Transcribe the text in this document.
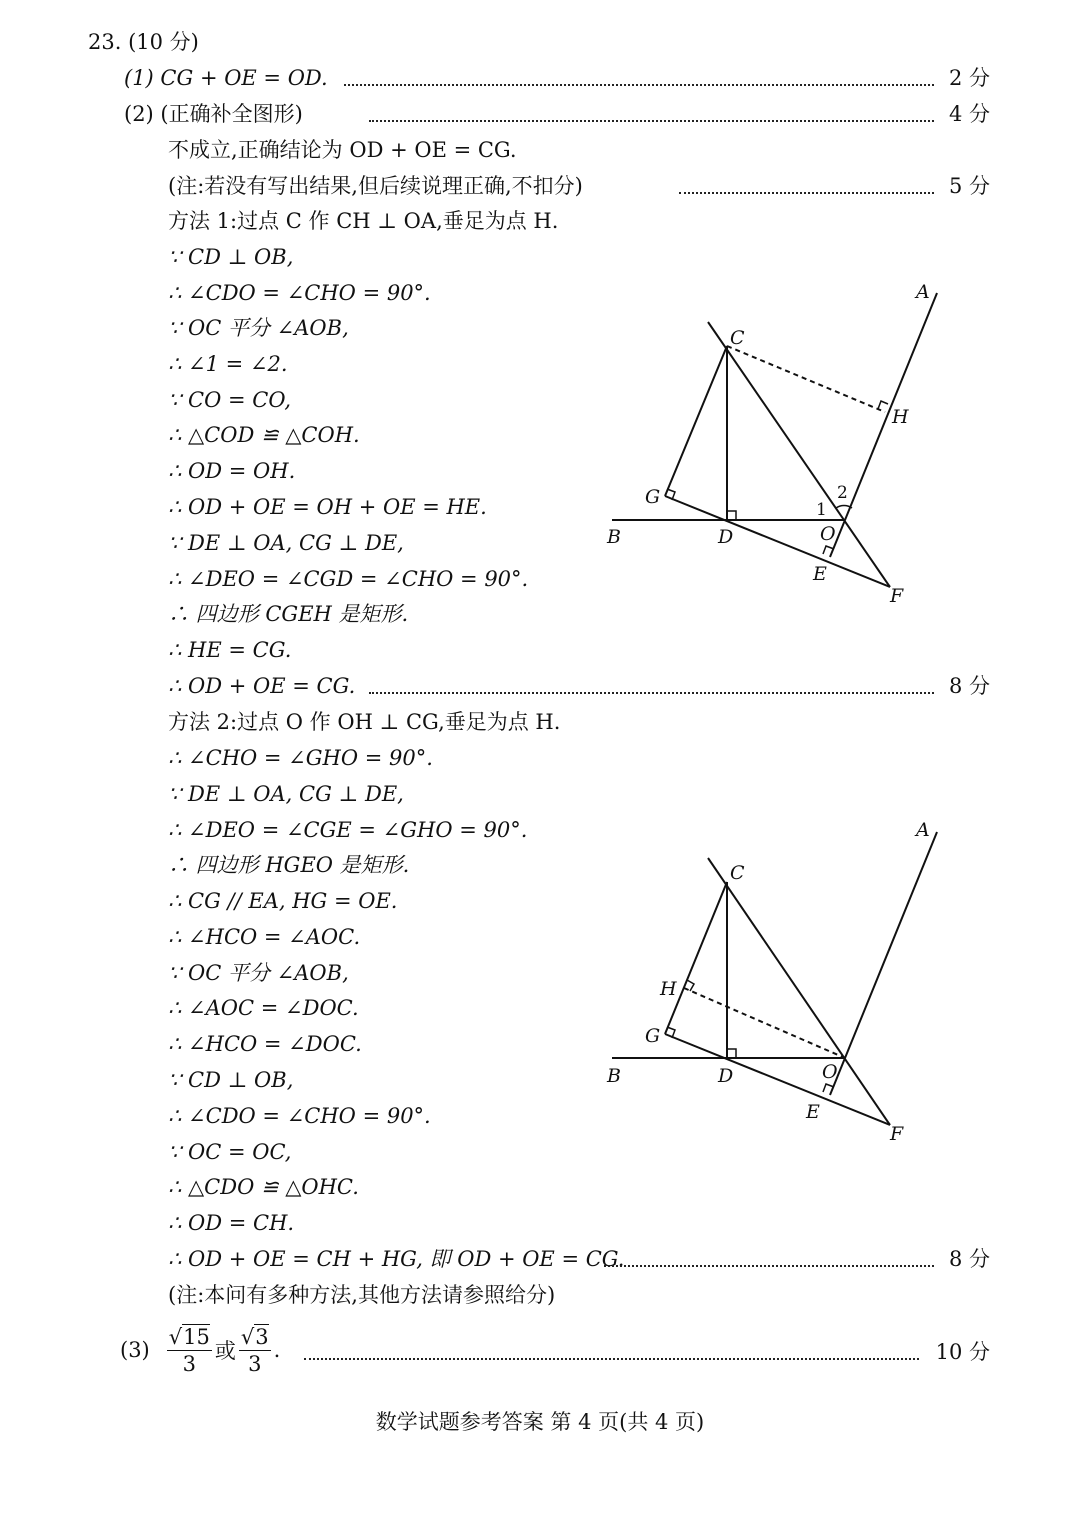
23. (10 分)
(1) CG + OE = OD.	2 分
(2) (正确补全图形)	4 分
不成立,正确结论为 OD + OE = CG.
(注:若没有写出结果,但后续说理正确,不扣分)	5 分
方法 1:过点 C 作 CH ⊥ OA,垂足为点 H.
∵ CD ⊥ OB,
∴ ∠CDO = ∠CHO = 90°.
∵ OC 平分 ∠AOB,
∴ ∠1 = ∠2.
∵ CO = CO,
∴ △COD ≌ △COH.
∴ OD = OH.
∴ OD + OE = OH + OE = HE.
∵ DE ⊥ OA, CG ⊥ DE,
∴ ∠DEO = ∠CGD = ∠CHO = 90°.
∴ 四边形 CGEH 是矩形.
∴ HE = CG.
∴ OD + OE = CG.	8 分
方法 2:过点 O 作 OH ⊥ CG,垂足为点 H.
∴ ∠CHO = ∠GHO = 90°.
∵ DE ⊥ OA, CG ⊥ DE,
∴ ∠DEO = ∠CGE = ∠GHO = 90°.
∴ 四边形 HGEO 是矩形.
∴ CG // EA, HG = OE.
∴ ∠HCO = ∠AOC.
∵ OC 平分 ∠AOB,
∴ ∠AOC = ∠DOC.
∴ ∠HCO = ∠DOC.
∵ CD ⊥ OB,
∴ ∠CDO = ∠CHO = 90°.
∵ OC = OC,
∴ △CDO ≌ △OHC.
∴ OD = CH.
∴ OD + OE = CH + HG, 即 OD + OE = CG.	8 分
(注:本问有多种方法,其他方法请参照给分)
$(3) \frac{√15}{3}$ 或 $\frac{√3}{3}$ .	10 分
数学试题参考答案 第 4 页(共 4 页)
C
A
H
G
B	D	O
E
F
1
2
C
A
H
G
B	D	O
E
F
